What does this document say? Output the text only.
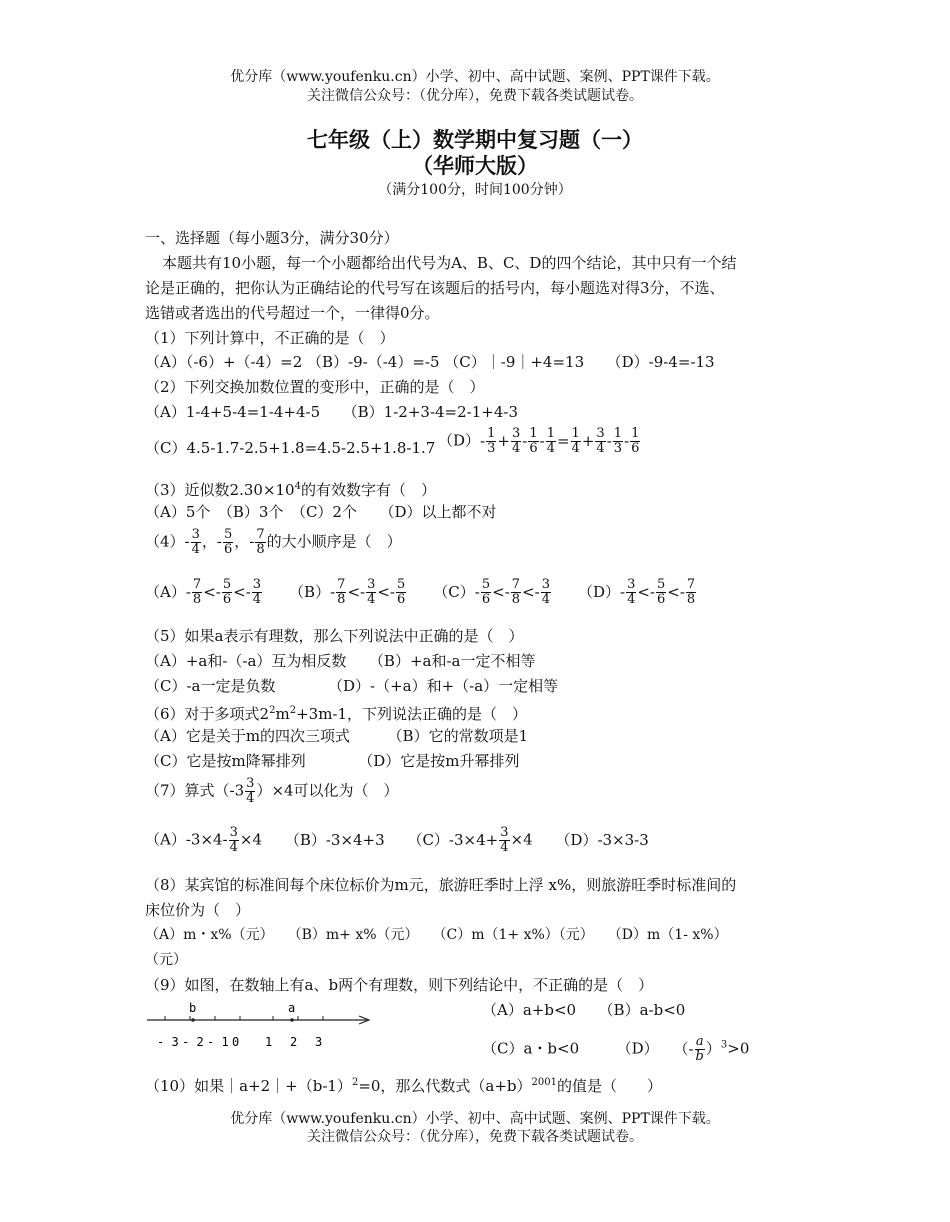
优分库（www.youfenku.cn）小学、初中、高中试题、案例、PPT课件下载。
关注微信公众号：（优分库），免费下载各类试题试卷。
七年级（上）数学期中复习题（一）
（华师大版）
（满分100分，时间100分钟）
一、选择题（每小题3分，满分30分）
本题共有10小题，每一个小题都给出代号为A、B、C、D的四个结论，其中只有一个结
论是正确的，把你认为正确结论的代号写在该题后的括号内，每小题选对得3分，不选、
选错或者选出的代号超过一个，一律得0分。
（1）下列计算中，不正确的是（　）
（A）（-6）+（-4）=2 （B）-9-（-4）=-5 （C）｜-9｜+4=13　　（D）-9-4=-13
（2）下列交换加数位置的变形中，正确的是（　）
（A）1-4+5-4=1-4+4-5　　（B）1-2+3-4=2-1+4-3
（C）4.5-1.7-2.5+1.8=4.5-2.5+1.8-1.7 $(D)- \frac{1}{3} + \frac{3}{4} - \frac{1}{6} - \frac{1}{4} = \frac{1}{4} + \frac{3}{4} - \frac{1}{3} - \frac{1}{6}$
（3）近似数$2.30\times 10^4$的有效数字有（　）
（A）5个　（B）3个　（C）2个　　（D）以上都不对
$(4)- \frac{3}{4}$ ，- $\frac{5}{6}$ ，- $\frac{7}{8}$ 的大小顺序是（　）
$(A)- \frac{7}{8} <- \frac{5}{6} <- \frac{3}{4} (B)- \frac{7}{8} <- \frac{3}{4} <- \frac{5}{6} (C)- \frac{5}{6} <- \frac{7}{8} <- \frac{3}{4} (D)- \frac{3}{4} <- \frac{5}{6} <- \frac{7}{8}$
（5）如果a表示有理数，那么下列说法中正确的是（　）
（A）+a和-（-a）互为相反数　　（B）+a和-a一定不相等
（C）-a一定是负数　　　　（D）-（+a）和+（-a）一定相等
（6）对于多项式$2^2m^2+3m-1$，下列说法正确的是（　）
（A）它是关于m的四次三项式　　　（B）它的常数项是1
（C）它是按m降幂排列　　　　（D）它是按m升幂排列
（7）算式$(-3 \frac{3}{4} )\times 4$可以化为（　）
$(A)-3\times 4- \frac{3}{4} \times 4$ （B）-3×4+3 $(C)-3\times 4+ \frac{3}{4} \times 4$ （D）-3×3-3
（8）某宾馆的标准间每个床位标价为m元，旅游旺季时上浮 x%，则旅游旺季时标准间的
床位价为（　）
（A）m・x%（元）　　（B）m+ x%（元）　　（C）m（1+ x%）（元）　　（D）m（1- x%）
（元）
（9）如图，在数轴上有a、b两个有理数，则下列结论中，不正确的是（　）
- 3 - 2 - 1 0 1 2 3
b	a	（A）a+b<0　　（B）a-b<0
（C）a・b<0　　　（D） （- $\frac{a}{b} )^3>0$
（10）如果$|a+2|+(b-1)^2=0$，那么代数式$(a+b)^{2001}$的值是（　　）
优分库（www.youfenku.cn）小学、初中、高中试题、案例、PPT课件下载。
关注微信公众号：（优分库），免费下载各类试题试卷。
